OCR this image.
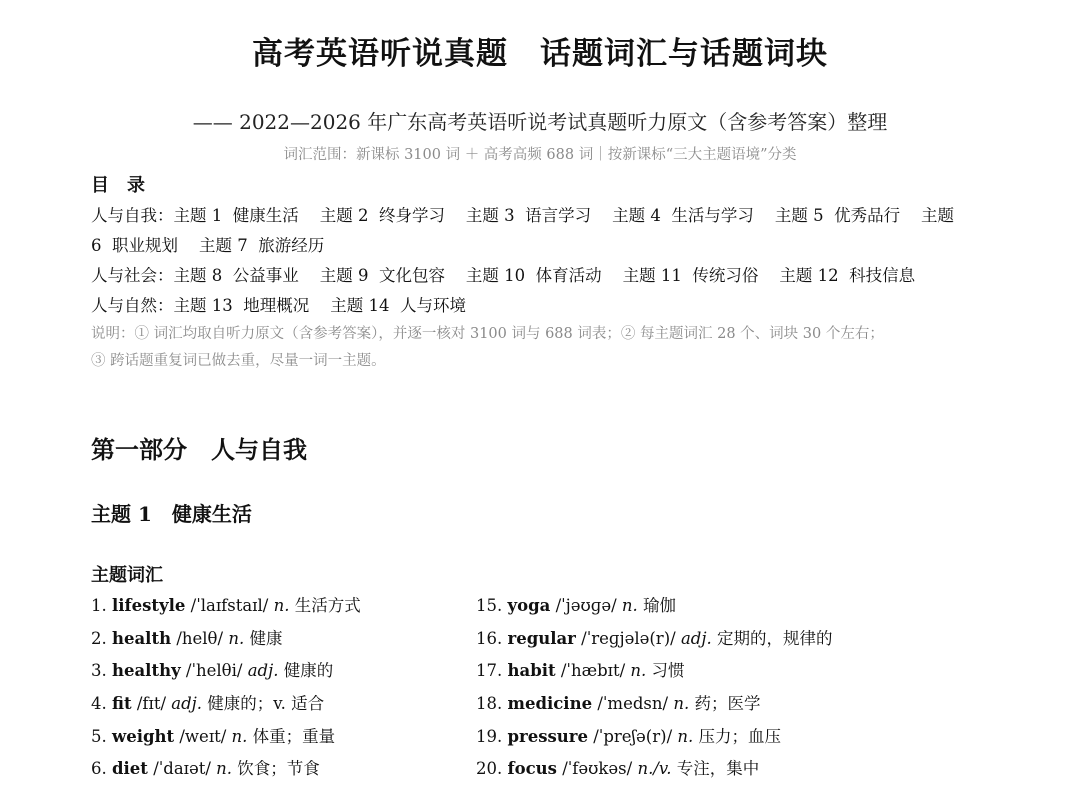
高考英语听说真题　话题词汇与话题词块
—— 2022—2026 年广东高考英语听说考试真题听力原文（含参考答案）整理
词汇范围：新课标 3100 词 ＋ 高考高频 688 词｜按新课标“三大主题语境”分类
目　录
人与自我：主题 1  健康生活    主题 2  终身学习    主题 3  语言学习    主题 4  生活与学习    主题 5  优秀品行    主题
6  职业规划    主题 7  旅游经历
人与社会：主题 8  公益事业    主题 9  文化包容    主题 10  体育活动    主题 11  传统习俗    主题 12  科技信息
人与自然：主题 13  地理概况    主题 14  人与环境
说明：① 词汇均取自听力原文（含参考答案），并逐一核对 3100 词与 688 词表；② 每主题词汇 28 个、词块 30 个左右；
③ 跨话题重复词已做去重，尽量一词一主题。
第一部分　人与自我
主题 1　健康生活
主题词汇
1. lifestyle /ˈlaɪfstaɪl/ n. 生活方式
2. health /helθ/ n. 健康
3. healthy /ˈhelθi/ adj. 健康的
4. fit /fɪt/ adj. 健康的；v. 适合
5. weight /weɪt/ n. 体重；重量
6. diet /ˈdaɪət/ n. 饮食；节食
15. yoga /ˈjəʊɡə/ n. 瑜伽
16. regular /ˈreɡjələ(r)/ adj. 定期的，规律的
17. habit /ˈhæbɪt/ n. 习惯
18. medicine /ˈmedsn/ n. 药；医学
19. pressure /ˈpreʃə(r)/ n. 压力；血压
20. focus /ˈfəʊkəs/ n./v. 专注，集中
